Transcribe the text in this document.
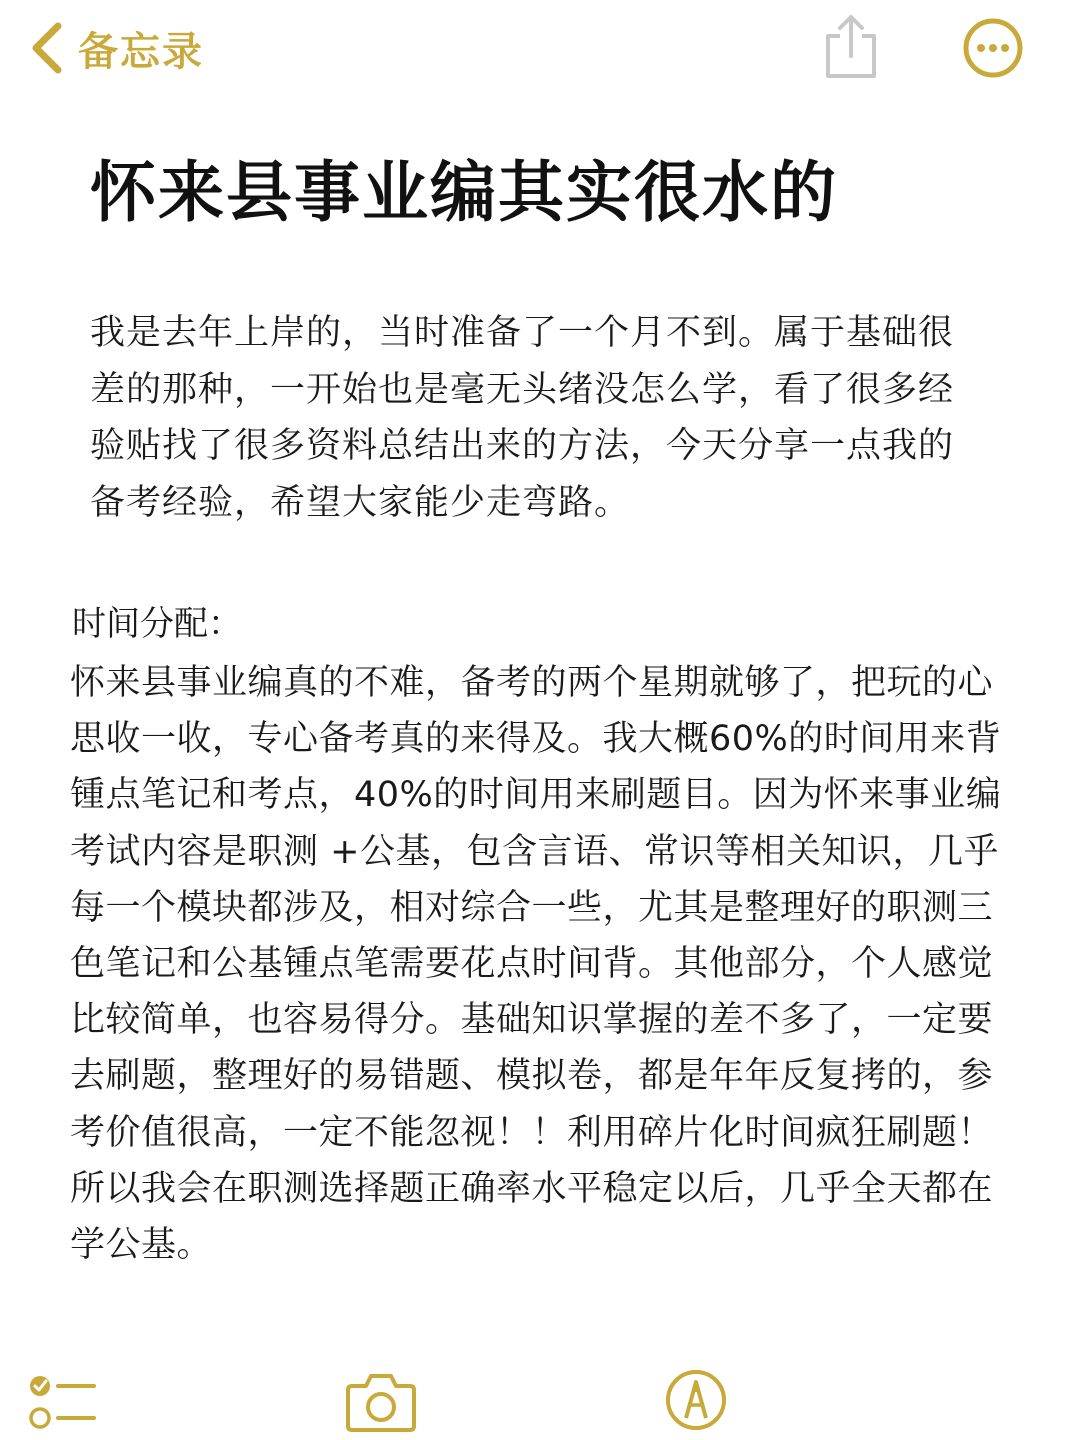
备忘录
怀来县事业编其实很水的

我是去年上岸的，当时准备了一个月不到。属于基础很差的那种，一开始也是毫无头绪没怎么学，看了很多经验贴找了很多资料总结出来的方法，今天分享一点我的备考经验，希望大家能少走弯路。

时间分配：

怀来县事业编真的不难，备考的两个星期就够了，把玩的心思收一收，专心备考真的来得及。我大概60%的时间用来背锺点笔记和考点，40%的时间用来刷题目。因为怀来事业编考试内容是职测 +公基，包含言语、常识等相关知识，几乎每一个模块都涉及，相对综合一些，尤其是整理好的职测三色笔记和公基锺点笔需要花点时间背。其他部分，个人感觉比较简单，也容易得分。基础知识掌握的差不多了，一定要去刷题，整理好的易错题、模拟卷，都是年年反复拷的，参考价值很高，一定不能忽视！！利用碎片化时间疯狂刷题！所以我会在职测选择题正确率水平稳定以后，几乎全天都在学公基。
